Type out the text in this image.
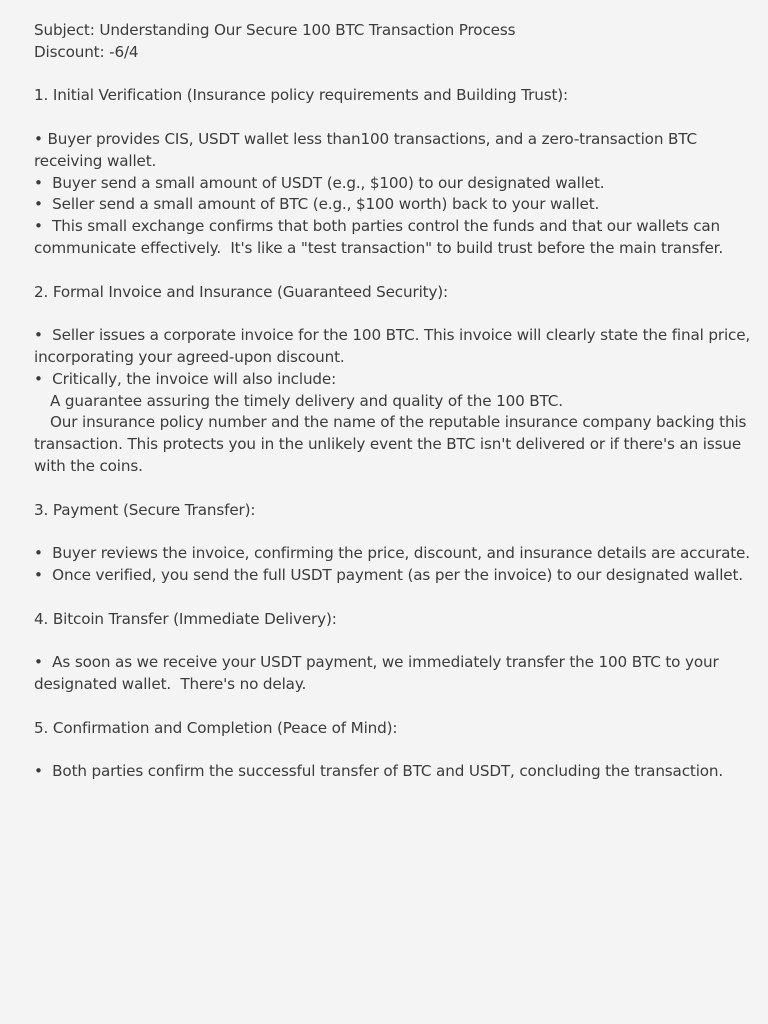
Subject: Understanding Our Secure 100 BTC Transaction Process

Discount: -6/4

1. Initial Verification (Insurance policy requirements and Building Trust):

• Buyer provides CIS, USDT wallet less than100 transactions, and a zero-transaction BTC receiving wallet.

•  Buyer send a small amount of USDT (e.g., $100) to our designated wallet.

•  Seller send a small amount of BTC (e.g., $100 worth) back to your wallet.

•  This small exchange confirms that both parties control the funds and that our wallets can communicate effectively.  It's like a "test transaction" to build trust before the main transfer.

2. Formal Invoice and Insurance (Guaranteed Security):

•  Seller issues a corporate invoice for the 100 BTC. This invoice will clearly state the final price, incorporating your agreed-upon discount.

•  Critically, the invoice will also include:

A guarantee assuring the timely delivery and quality of the 100 BTC.

Our insurance policy number and the name of the reputable insurance company backing this transaction. This protects you in the unlikely event the BTC isn't delivered or if there's an issue with the coins.

3. Payment (Secure Transfer):

•  Buyer reviews the invoice, confirming the price, discount, and insurance details are accurate.

•  Once verified, you send the full USDT payment (as per the invoice) to our designated wallet.

4. Bitcoin Transfer (Immediate Delivery):

•  As soon as we receive your USDT payment, we immediately transfer the 100 BTC to your designated wallet.  There's no delay.

5. Confirmation and Completion (Peace of Mind):

•  Both parties confirm the successful transfer of BTC and USDT, concluding the transaction.
